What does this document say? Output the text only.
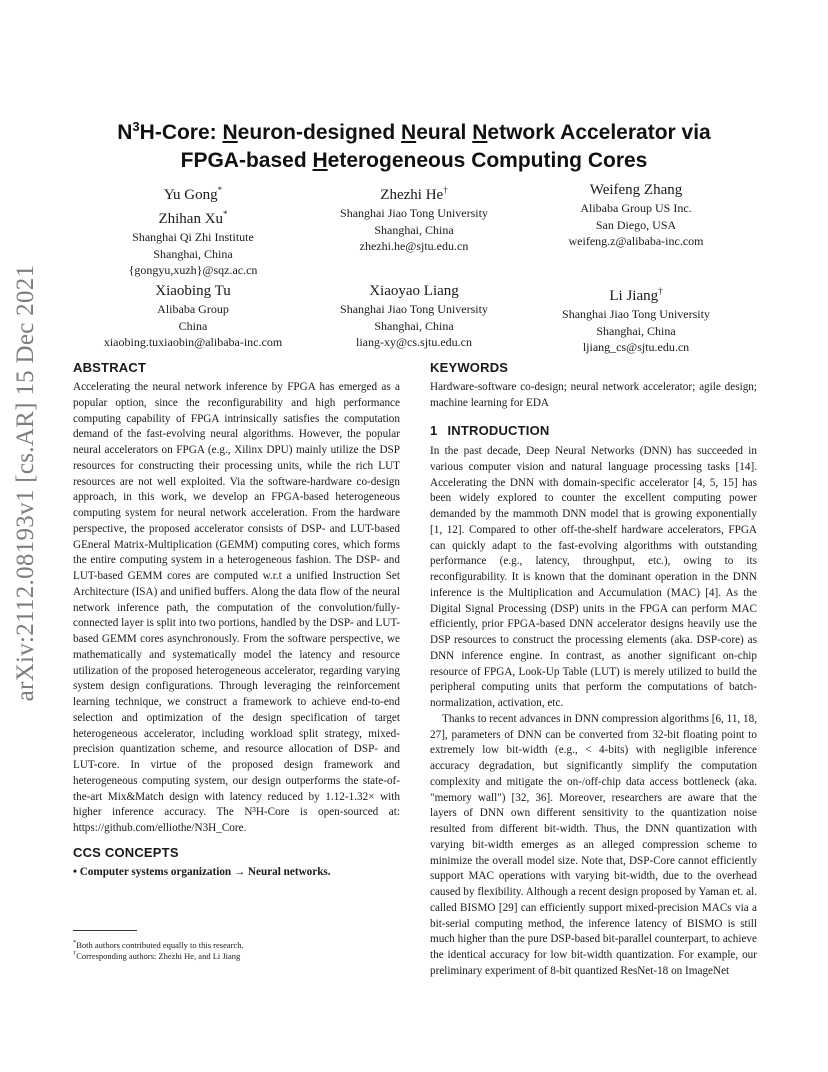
arXiv:2112.08193v1 [cs.AR] 15 Dec 2021
$N^3H$-Core: Neuron-designed Neural Network Accelerator via
FPGA-based Heterogeneous Computing Cores
Yu Gong*
Zhihan Xu*
Shanghai Qi Zhi Institute
Shanghai, China
{gongyu,xuzh}@sqz.ac.cn
Zhezhi He†
Shanghai Jiao Tong University
Shanghai, China
zhezhi.he@sjtu.edu.cn
Weifeng Zhang
Alibaba Group US Inc.
San Diego, USA
weifeng.z@alibaba-inc.com
Xiaobing Tu
Alibaba Group
China
xiaobing.tuxiaobin@alibaba-inc.com
Xiaoyao Liang
Shanghai Jiao Tong University
Shanghai, China
liang-xy@cs.sjtu.edu.cn
Li Jiang†
Shanghai Jiao Tong University
Shanghai, China
ljiang_cs@sjtu.edu.cn
ABSTRACT

Accelerating the neural network inference by FPGA has emerged as a popular option, since the reconfigurability and high performance computing capability of FPGA intrinsically satisfies the computation demand of the fast-evolving neural algorithms. However, the popular neural accelerators on FPGA (e.g., Xilinx DPU) mainly utilize the DSP resources for constructing their processing units, while the rich LUT resources are not well exploited. Via the software-hardware co-design approach, in this work, we develop an FPGA-based heterogeneous computing system for neural network acceleration. From the hardware perspective, the proposed accelerator consists of DSP- and LUT-based GEneral Matrix-Multiplication (GEMM) computing cores, which forms the entire computing system in a heterogeneous fashion. The DSP- and LUT-based GEMM cores are computed w.r.t a unified Instruction Set Architecture (ISA) and unified buffers. Along the data flow of the neural network inference path, the computation of the convolution/fully-connected layer is split into two portions, handled by the DSP- and LUT-based GEMM cores asynchronously. From the software perspective, we mathematically and systematically model the latency and resource utilization of the proposed heterogeneous accelerator, regarding varying system design configurations. Through leveraging the reinforcement learning technique, we construct a framework to achieve end-to-end selection and optimization of the design specification of target heterogeneous accelerator, including workload split strategy, mixed-precision quantization scheme, and resource allocation of DSP- and LUT-core. In virtue of the proposed design framework and heterogeneous computing system, our design outperforms the state-of-the-art Mix&Match design with latency reduced by 1.12-1.32× with higher inference accuracy. The N³H-Core is open-sourced at: https://github.com/elliothe/N3H_Core.

CCS CONCEPTS

• Computer systems organization → Neural networks.

*Both authors contributed equally to this research.
†Corresponding authors: Zhezhi He, and Li Jiang
KEYWORDS

Hardware-software co-design; neural network accelerator; agile design; machine learning for EDA

1 INTRODUCTION

In the past decade, Deep Neural Networks (DNN) has succeeded in various computer vision and natural language processing tasks [14]. Accelerating the DNN with domain-specific accelerator [4, 5, 15] has been widely explored to counter the excellent computing power demanded by the mammoth DNN model that is growing exponentially [1, 12]. Compared to other off-the-shelf hardware accelerators, FPGA can quickly adapt to the fast-evolving algorithms with outstanding performance (e.g., latency, throughput, etc.), owing to its reconfigurability. It is known that the dominant operation in the DNN inference is the Multiplication and Accumulation (MAC) [4]. As the Digital Signal Processing (DSP) units in the FPGA can perform MAC efficiently, prior FPGA-based DNN accelerator designs heavily use the DSP resources to construct the processing elements (aka. DSP-core) as DNN inference engine. In contrast, as another significant on-chip resource of FPGA, Look-Up Table (LUT) is merely utilized to build the peripheral computing units that perform the computations of batch-normalization, activation, etc.

Thanks to recent advances in DNN compression algorithms [6, 11, 18, 27], parameters of DNN can be converted from 32-bit floating point to extremely low bit-width (e.g., < 4-bits) with negligible inference accuracy degradation, but significantly simplify the computation complexity and mitigate the on-/off-chip data access bottleneck (aka. "memory wall") [32, 36]. Moreover, researchers are aware that the layers of DNN own different sensitivity to the quantization noise resulted from different bit-width. Thus, the DNN quantization with varying bit-width emerges as an alleged compression scheme to minimize the overall model size. Note that, DSP-Core cannot efficiently support MAC operations with varying bit-width, due to the overhead caused by flexibility. Although a recent design proposed by Yaman et. al. called BISMO [29] can efficiently support mixed-precision MACs via a bit-serial computing method, the inference latency of BISMO is still much higher than the pure DSP-based bit-parallel counterpart, to achieve the identical accuracy for low bit-width quantization. For example, our preliminary experiment of 8-bit quantized ResNet-18 on ImageNet
